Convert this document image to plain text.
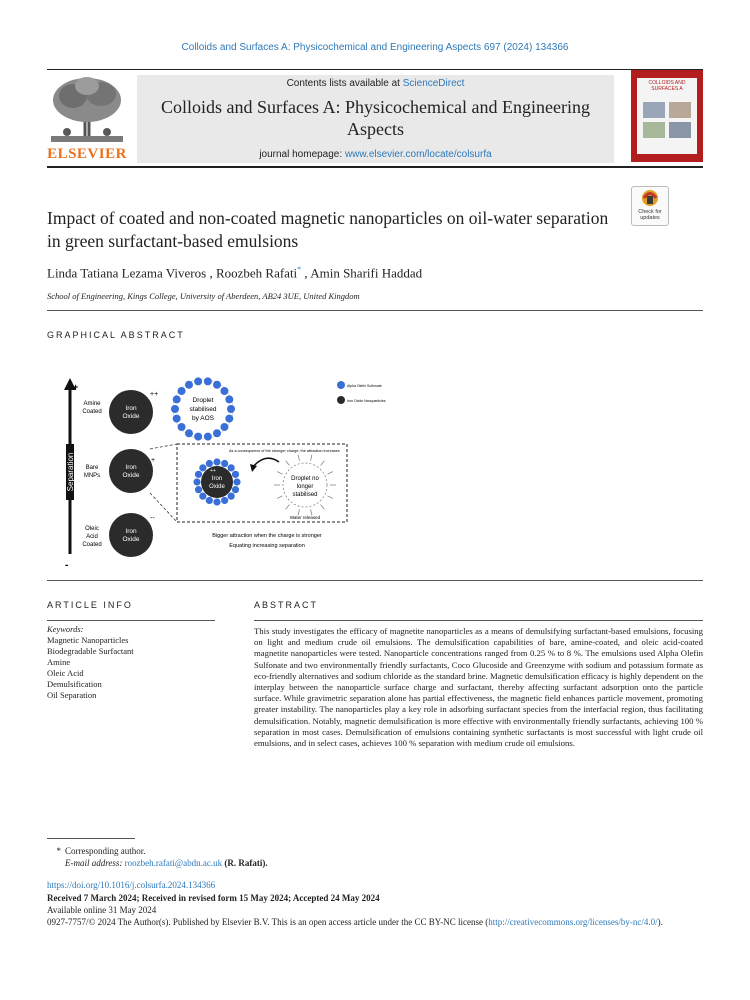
Colloids and Surfaces A: Physicochemical and Engineering Aspects 697 (2024) 134366
ELSEVIER
Contents lists available at ScienceDirect
Colloids and Surfaces A: Physicochemical and Engineering Aspects
journal homepage: www.elsevier.com/locate/colsurfa
COLLOIDS AND SURFACES A
Impact of coated and non-coated magnetic nanoparticles on oil-water separation in green surfactant-based emulsions
Check for updates
Linda Tatiana Lezama Viveros , Roozbeh Rafati* , Amin Sharifi Haddad
School of Engineering, Kings College, University of Aberdeen, AB24 3UE, United Kingdom
GRAPHICAL ABSTRACT
+
-
Separation Separation
Amine Coated
Bare MNPs
Oleic Acid Coated
Iron
Oxide
++
Iron
Oxide
+
Iron
Oxide
--
Droplet
stabilised
by AOS
Alpha Olefin Sulfonate
Iron Oxide Nanoparticles
As a consequence of the stronger charge, the attraction increases
Iron
Oxide
++
Droplet no
longer
stabilised
Water released
Bigger attraction when the charge is stronger
Equating increasing separation
ARTICLE INFO
Keywords:
Magnetic Nanoparticles
Biodegradable Surfactant
Amine
Oleic Acid
Demulsification
Oil Separation
ABSTRACT
This study investigates the efficacy of magnetite nanoparticles as a means of demulsifying surfactant-based emulsions, focusing on light and medium crude oil emulsions. The demulsification capabilities of bare, amine-coated, and oleic acid-coated magnetite nanoparticles were tested. Nanoparticle concentrations ranged from 0.25 % to 8 %. The emulsions used Alpha Olefin Sulfonate and two environmentally friendly surfactants, Coco Glucoside and Greenzyme with sodium and potassium formate as eco-friendly alternatives and sodium chloride as the standard brine. Magnetic demulsification efficacy is highly dependent on the interplay between the nanoparticle surface charge and surfactant, thereby affecting surfactant adsorption onto the particle surface. While gravimetric separation alone has partial effectiveness, the magnetic field enhances particle movement, promoting greater instability. The nanoparticles play a key role in adsorbing surfactant species from the interfacial region, thus facilitating demulsification. Notably, magnetic demulsification is more effective with environmentally friendly surfactants, achieving 100 % separation in most cases. Demulsification of emulsions containing synthetic surfactants is most successful with light crude oil emulsions, and in select cases, achieves 100 % separation with medium crude oil emulsions.
* Corresponding author.
E-mail address: roozbeh.rafati@abdn.ac.uk (R. Rafati).
https://doi.org/10.1016/j.colsurfa.2024.134366
Received 7 March 2024; Received in revised form 15 May 2024; Accepted 24 May 2024
Available online 31 May 2024
0927-7757/© 2024 The Author(s). Published by Elsevier B.V. This is an open access article under the CC BY-NC license (http://creativecommons.org/licenses/by-nc/4.0/).
